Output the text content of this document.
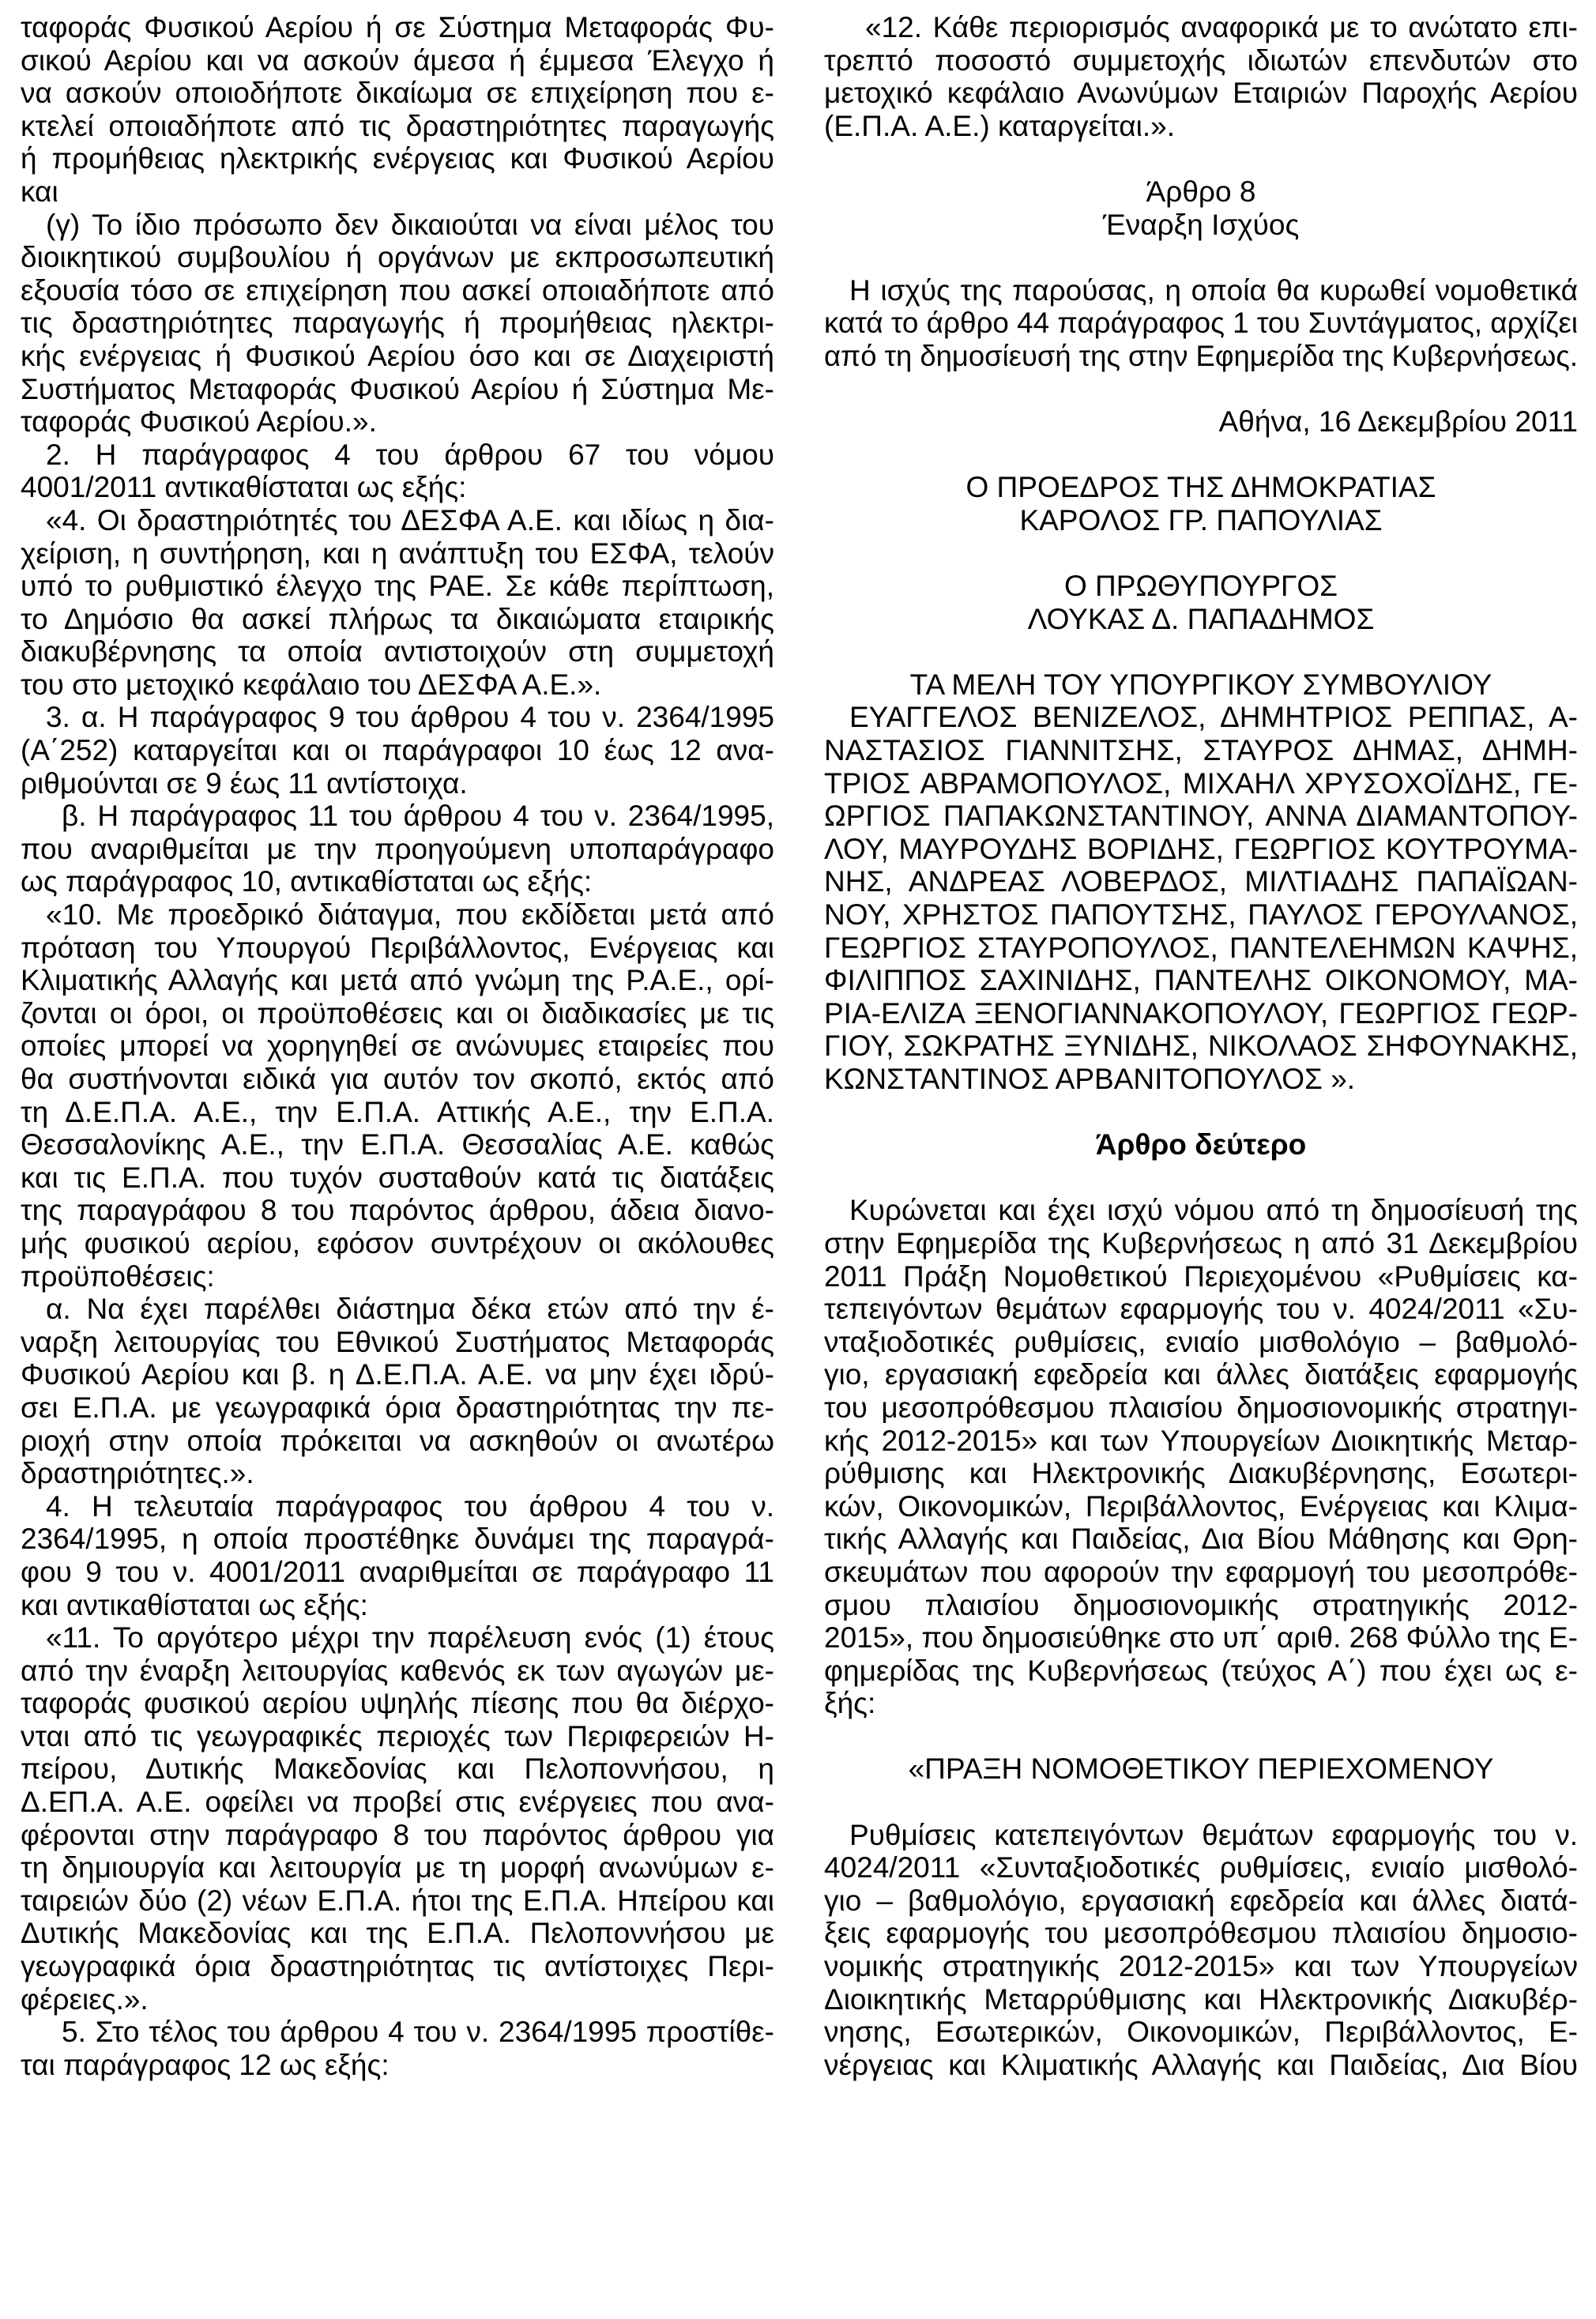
ταφοράς Φυσικού Αερίου ή σε Σύστημα Μεταφοράς Φυ-
σικού Αερίου και να ασκούν άμεσα ή έμμεσα Έλεγχο ή
να ασκούν οποιοδήποτε δικαίωμα σε επιχείρηση που ε-
κτελεί οποιαδήποτε από τις δραστηριότητες παραγωγής
ή προμήθειας ηλεκτρικής ενέργειας και Φυσικού Αερίου
και
(γ) Το ίδιο πρόσωπο δεν δικαιούται να είναι μέλος του
διοικητικού συμβουλίου ή οργάνων με εκπροσωπευτική
εξουσία τόσο σε επιχείρηση που ασκεί οποιαδήποτε από
τις δραστηριότητες παραγωγής ή προμήθειας ηλεκτρι-
κής ενέργειας ή Φυσικού Αερίου όσο και σε Διαχειριστή
Συστήματος Μεταφοράς Φυσικού Αερίου ή Σύστημα Με-
ταφοράς Φυσικού Αερίου.».
2. Η παράγραφος 4 του άρθρου 67 του νόμου
4001/2011 αντικαθίσταται ως εξής:
«4. Οι δραστηριότητές του ΔΕΣΦΑ Α.Ε. και ιδίως η δια-
χείριση, η συντήρηση, και η ανάπτυξη του ΕΣΦΑ, τελούν
υπό το ρυθμιστικό έλεγχο της ΡΑΕ. Σε κάθε περίπτωση,
το Δημόσιο θα ασκεί πλήρως τα δικαιώματα εταιρικής
διακυβέρνησης τα οποία αντιστοιχούν στη συμμετοχή
του στο μετοχικό κεφάλαιο του ΔΕΣΦΑ Α.Ε.».
3. α. Η παράγραφος 9 του άρθρου 4 του ν. 2364/1995
(Α΄252) καταργείται και οι παράγραφοι 10 έως 12 ανα-
ριθμούνται σε 9 έως 11 αντίστοιχα.
β. Η παράγραφος 11 του άρθρου 4 του ν. 2364/1995,
που αναριθμείται με την προηγούμενη υποπαράγραφο
ως παράγραφος 10, αντικαθίσταται ως εξής:
«10. Με προεδρικό διάταγμα, που εκδίδεται μετά από
πρόταση του Υπουργού Περιβάλλοντος, Ενέργειας και
Κλιματικής Αλλαγής και μετά από γνώμη της Ρ.Α.Ε., ορί-
ζονται οι όροι, οι προϋποθέσεις και οι διαδικασίες με τις
οποίες μπορεί να χορηγηθεί σε ανώνυμες εταιρείες που
θα συστήνονται ειδικά για αυτόν τον σκοπό, εκτός από
τη Δ.Ε.Π.Α. Α.Ε., την Ε.Π.Α. Αττικής Α.Ε., την Ε.Π.Α.
Θεσσαλονίκης Α.Ε., την Ε.Π.Α. Θεσσαλίας Α.Ε. καθώς
και τις Ε.Π.Α. που τυχόν συσταθούν κατά τις διατάξεις
της παραγράφου 8 του παρόντος άρθρου, άδεια διανο-
μής φυσικού αερίου, εφόσον συντρέχουν οι ακόλουθες
προϋποθέσεις:
α. Να έχει παρέλθει διάστημα δέκα ετών από την έ-
ναρξη λειτουργίας του Εθνικού Συστήματος Μεταφοράς
Φυσικού Αερίου και β. η Δ.Ε.Π.Α. Α.Ε. να μην έχει ιδρύ-
σει Ε.Π.Α. με γεωγραφικά όρια δραστηριότητας την πε-
ριοχή στην οποία πρόκειται να ασκηθούν οι ανωτέρω
δραστηριότητες.».
4. Η τελευταία παράγραφος του άρθρου 4 του ν.
2364/1995, η οποία προστέθηκε δυνάμει της παραγρά-
φου 9 του ν. 4001/2011 αναριθμείται σε παράγραφο 11
και αντικαθίσταται ως εξής:
«11. Το αργότερο μέχρι την παρέλευση ενός (1) έτους
από την έναρξη λειτουργίας καθενός εκ των αγωγών με-
ταφοράς φυσικού αερίου υψηλής πίεσης που θα διέρχο-
νται από τις γεωγραφικές περιοχές των Περιφερειών Η-
πείρου, Δυτικής Μακεδονίας και Πελοποννήσου, η
Δ.ΕΠ.Α. Α.Ε. οφείλει να προβεί στις ενέργειες που ανα-
φέρονται στην παράγραφο 8 του παρόντος άρθρου για
τη δημιουργία και λειτουργία με τη μορφή ανωνύμων ε-
ταιρειών δύο (2) νέων Ε.Π.Α. ήτοι της Ε.Π.Α. Ηπείρου και
Δυτικής Μακεδονίας και της Ε.Π.Α. Πελοποννήσου με
γεωγραφικά όρια δραστηριότητας τις αντίστοιχες Περι-
φέρειες.».
5. Στο τέλος του άρθρου 4 του ν. 2364/1995 προστίθε-
ται παράγραφος 12 ως εξής:
«12. Κάθε περιορισμός αναφορικά με το ανώτατο επι-
τρεπτό ποσοστό συμμετοχής ιδιωτών επενδυτών στο
μετοχικό κεφάλαιο Ανωνύμων Εταιριών Παροχής Αερίου
(Ε.Π.Α. Α.Ε.) καταργείται.».
Άρθρο 8
Έναρξη Ισχύος
Η ισχύς της παρούσας, η οποία θα κυρωθεί νομοθετικά
κατά το άρθρο 44 παράγραφος 1 του Συντάγματος, αρχίζει
από τη δημοσίευσή της στην Εφημερίδα της Κυβερνήσεως.
Αθήνα, 16 Δεκεμβρίου 2011
Ο ΠΡΟΕΔΡΟΣ ΤΗΣ ΔΗΜΟΚΡΑΤΙΑΣ
ΚΑΡΟΛΟΣ ΓΡ. ΠΑΠΟΥΛΙΑΣ
Ο ΠΡΩΘΥΠΟΥΡΓΟΣ
ΛΟΥΚΑΣ Δ. ΠΑΠΑΔΗΜΟΣ
ΤΑ ΜΕΛΗ ΤΟΥ ΥΠΟΥΡΓΙΚΟΥ ΣΥΜΒΟΥΛΙΟΥ
ΕΥΑΓΓΕΛΟΣ ΒΕΝΙΖΕΛΟΣ, ΔΗΜΗΤΡΙΟΣ ΡΕΠΠΑΣ, Α-
ΝΑΣΤΑΣΙΟΣ ΓΙΑΝΝΙΤΣΗΣ, ΣΤΑΥΡΟΣ ΔΗΜΑΣ, ΔΗΜΗ-
ΤΡΙΟΣ ΑΒΡΑΜΟΠΟΥΛΟΣ, ΜΙΧΑΗΛ ΧΡΥΣΟΧΟΪΔΗΣ, ΓΕ-
ΩΡΓΙΟΣ ΠΑΠΑΚΩΝΣΤΑΝΤΙΝΟΥ, ΑΝΝΑ ΔΙΑΜΑΝΤΟΠΟΥ-
ΛΟΥ, ΜΑΥΡΟΥΔΗΣ ΒΟΡΙΔΗΣ, ΓΕΩΡΓΙΟΣ ΚΟΥΤΡΟΥΜΑ-
ΝΗΣ, ΑΝΔΡΕΑΣ ΛΟΒΕΡΔΟΣ, ΜΙΛΤΙΑΔΗΣ ΠΑΠΑΪΩΑΝ-
ΝΟΥ, ΧΡΗΣΤΟΣ ΠΑΠΟΥΤΣΗΣ, ΠΑΥΛΟΣ ΓΕΡΟΥΛΑΝΟΣ,
ΓΕΩΡΓΙΟΣ ΣΤΑΥΡΟΠΟΥΛΟΣ, ΠΑΝΤΕΛΕΗΜΩΝ ΚΑΨΗΣ,
ΦΙΛΙΠΠΟΣ ΣΑΧΙΝΙΔΗΣ, ΠΑΝΤΕΛΗΣ ΟΙΚΟΝΟΜΟΥ, ΜΑ-
ΡΙΑ-ΕΛΙΖΑ ΞΕΝΟΓΙΑΝΝΑΚΟΠΟΥΛΟΥ, ΓΕΩΡΓΙΟΣ ΓΕΩΡ-
ΓΙΟΥ, ΣΩΚΡΑΤΗΣ ΞΥΝΙΔΗΣ, ΝΙΚΟΛΑΟΣ ΣΗΦΟΥΝΑΚΗΣ,
ΚΩΝΣΤΑΝΤΙΝΟΣ ΑΡΒΑΝΙΤΟΠΟΥΛΟΣ ».
Άρθρο δεύτερο
Κυρώνεται και έχει ισχύ νόμου από τη δημοσίευσή της
στην Εφημερίδα της Κυβερνήσεως η από 31 Δεκεμβρίου
2011 Πράξη Νομοθετικού Περιεχομένου «Ρυθμίσεις κα-
τεπειγόντων θεμάτων εφαρμογής του ν. 4024/2011 «Συ-
νταξιοδοτικές ρυθμίσεις, ενιαίο μισθολόγιο – βαθμολό-
γιο, εργασιακή εφεδρεία και άλλες διατάξεις εφαρμογής
του μεσοπρόθεσμου πλαισίου δημοσιονομικής στρατηγι-
κής 2012-2015» και των Υπουργείων Διοικητικής Μεταρ-
ρύθμισης και Ηλεκτρονικής Διακυβέρνησης, Εσωτερι-
κών, Οικονομικών, Περιβάλλοντος, Ενέργειας και Κλιμα-
τικής Αλλαγής και Παιδείας, Δια Βίου Μάθησης και Θρη-
σκευμάτων που αφορούν την εφαρμογή του μεσοπρόθε-
σμου πλαισίου δημοσιονομικής στρατηγικής 2012-
2015», που δημοσιεύθηκε στο υπ΄ αριθ. 268 Φύλλο της Ε-
φημερίδας της Κυβερνήσεως (τεύχος Α΄) που έχει ως ε-
ξής:
«ΠΡΑΞΗ ΝΟΜΟΘΕΤΙΚΟΥ ΠΕΡΙΕΧΟΜΕΝΟΥ
Ρυθμίσεις κατεπειγόντων θεμάτων εφαρμογής του ν.
4024/2011 «Συνταξιοδοτικές ρυθμίσεις, ενιαίο μισθολό-
γιο – βαθμολόγιο, εργασιακή εφεδρεία και άλλες διατά-
ξεις εφαρμογής του μεσοπρόθεσμου πλαισίου δημοσιο-
νομικής στρατηγικής 2012-2015» και των Υπουργείων
Διοικητικής Μεταρρύθμισης και Ηλεκτρονικής Διακυβέρ-
νησης, Εσωτερικών, Οικονομικών, Περιβάλλοντος, Ε-
νέργειας και Κλιματικής Αλλαγής και Παιδείας, Δια Βίου
